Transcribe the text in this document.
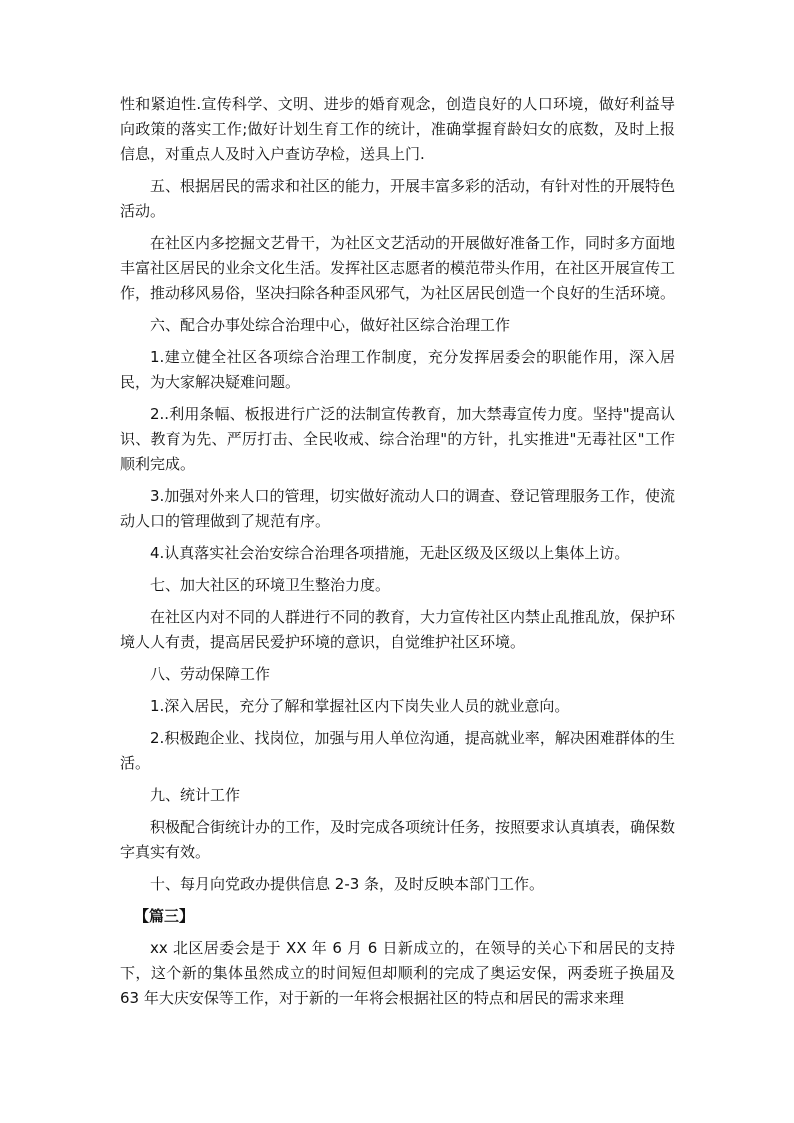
性和紧迫性.宣传科学、文明、进步的婚育观念，创造良好的人口环境，做好利益导向政策的落实工作;做好计划生育工作的统计，准确掌握育龄妇女的底数，及时上报信息，对重点人及时入户查访孕检，送具上门.

五、根据居民的需求和社区的能力，开展丰富多彩的活动，有针对性的开展特色活动。

在社区内多挖掘文艺骨干，为社区文艺活动的开展做好准备工作，同时多方面地丰富社区居民的业余文化生活。发挥社区志愿者的模范带头作用，在社区开展宣传工作，推动移风易俗，坚决扫除各种歪风邪气，为社区居民创造一个良好的生活环境。

六、配合办事处综合治理中心，做好社区综合治理工作

1.建立健全社区各项综合治理工作制度，充分发挥居委会的职能作用，深入居民，为大家解决疑难问题。

2..利用条幅、板报进行广泛的法制宣传教育，加大禁毒宣传力度。坚持"提高认识、教育为先、严厉打击、全民收戒、综合治理"的方针，扎实推进"无毒社区"工作顺利完成。

3.加强对外来人口的管理，切实做好流动人口的调查、登记管理服务工作，使流动人口的管理做到了规范有序。

4.认真落实社会治安综合治理各项措施，无赴区级及区级以上集体上访。

七、加大社区的环境卫生整治力度。

在社区内对不同的人群进行不同的教育，大力宣传社区内禁止乱推乱放，保护环境人人有责，提高居民爱护环境的意识，自觉维护社区环境。

八、劳动保障工作

1.深入居民，充分了解和掌握社区内下岗失业人员的就业意向。

2.积极跑企业、找岗位，加强与用人单位沟通，提高就业率，解决困难群体的生活。

九、统计工作

积极配合街统计办的工作，及时完成各项统计任务，按照要求认真填表，确保数字真实有效。

十、每月向党政办提供信息 2-3 条，及时反映本部门工作。

【篇三】

xx 北区居委会是于 XX 年 6 月 6 日新成立的，在领导的关心下和居民的支持下，这个新的集体虽然成立的时间短但却顺利的完成了奥运安保，两委班子换届及 63 年大庆安保等工作，对于新的一年将会根据社区的特点和居民的需求来理
